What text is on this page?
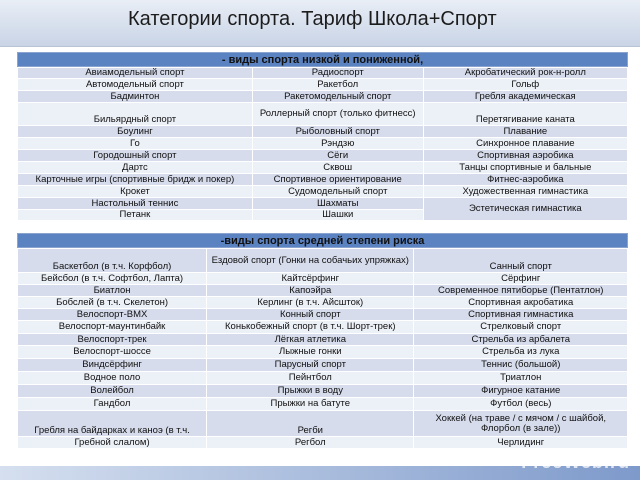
Категории спорта. Тариф Школа+Спорт
- виды спорта низкой и пониженной,
Авиамодельный спорт	Радиоспорт	Акробатический рок-н-ролл
Автомодельный спорт	Ракетбол	Гольф
Бадминтон	Ракетомодельный спорт	Гребля академическая
Бильярдный спорт	Роллерный спорт (только фитнесс)	Перетягивание каната
Боулинг	Рыболовный спорт	Плавание
Го	Рэндзю	Синхронное плавание
Городошный спорт	Сёги	Спортивная аэробика
Дартс	Сквош	Танцы спортивные и бальные
Карточные игры (спортивные бридж и покер)	Спортивное ориентирование	Фитнес-аэробика
Крокет	Судомодельный спорт	Художественная гимнастика
Настольный теннис	Шахматы	Эстетическая гимнастика
Петанк	Шашки	
-виды спорта средней степени риска
Баскетбол (в т.ч. Корфбол)	Ездовой спорт (Гонки на собачьих упряжках)	Санный спорт
Бейсбол (в т.ч. Софтбол, Лапта)	Кайтсёрфинг	Сёрфинг
Биатлон	Капоэйра	Современное пятиборье (Пентатлон)
Бобслей (в т.ч. Скелетон)	Керлинг (в т.ч. Айсшток)	Спортивная акробатика
Велоспорт-BMX	Конный спорт	Спортивная гимнастика
Велоспорт-маунтинбайк	Конькобежный спорт (в т.ч. Шорт-трек)	Стрелковый спорт
Велоспорт-трек	Лёгкая атлетика	Стрельба из арбалета
Велоспорт-шоссе	Лыжные гонки	Стрельба из лука
Виндсёрфинг	Парусный спорт	Теннис (большой)
Водное поло	Пейнтбол	Триатлон
Волейбол	Прыжки в воду	Фигурное катание
Гандбол	Прыжки на батуте	Футбол (весь)
Гребля на байдарках и каноэ (в т.ч.	Регби	Хоккей (на траве / с мячом / с шайбой, Флорбол (в зале))
Гребной слалом)	Регбол	Черлидинг
FreeWeb.ru
